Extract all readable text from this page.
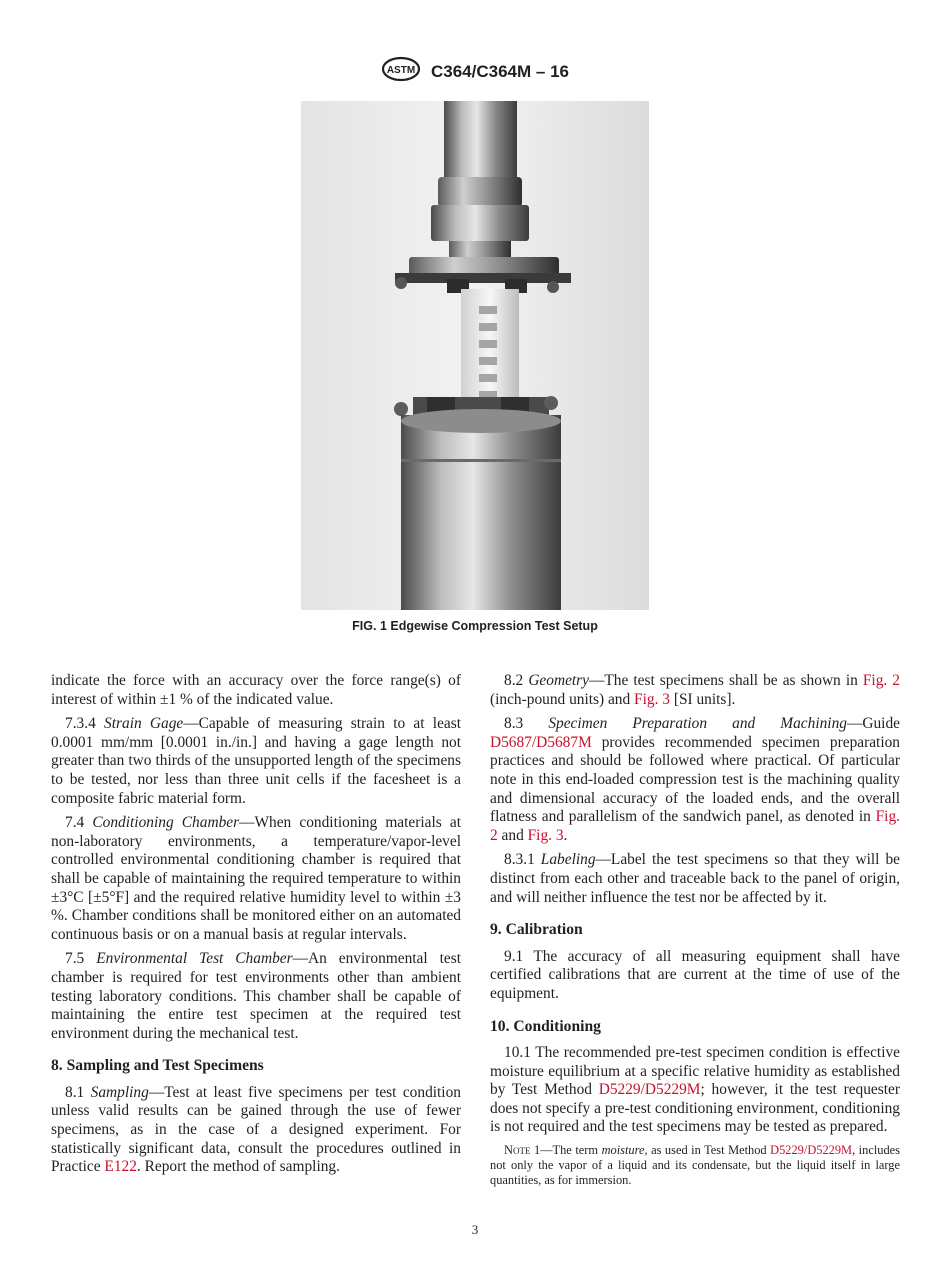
ASTM C364/C364M – 16
FIG. 1 Edgewise Compression Test Setup

indicate the force with an accuracy over the force range(s) of interest of within ±1 % of the indicated value.

7.3.4 Strain Gage—Capable of measuring strain to at least 0.0001 mm/mm [0.0001 in./in.] and having a gage length not greater than two thirds of the unsupported length of the specimens to be tested, nor less than three unit cells if the facesheet is a composite fabric material form.

7.4 Conditioning Chamber—When conditioning materials at non-laboratory environments, a temperature/vapor-level controlled environmental conditioning chamber is required that shall be capable of maintaining the required temperature to within ±3°C [±5°F] and the required relative humidity level to within ±3 %. Chamber conditions shall be monitored either on an automated continuous basis or on a manual basis at regular intervals.

7.5 Environmental Test Chamber—An environmental test chamber is required for test environments other than ambient testing laboratory conditions. This chamber shall be capable of maintaining the entire test specimen at the required test environment during the mechanical test.

8. Sampling and Test Specimens

8.1 Sampling—Test at least five specimens per test condition unless valid results can be gained through the use of fewer specimens, as in the case of a designed experiment. For statistically significant data, consult the procedures outlined in Practice E122. Report the method of sampling.

8.2 Geometry—The test specimens shall be as shown in Fig. 2 (inch-pound units) and Fig. 3 [SI units].

8.3 Specimen Preparation and Machining—Guide D5687/D5687M provides recommended specimen preparation practices and should be followed where practical. Of particular note in this end-loaded compression test is the machining quality and dimensional accuracy of the loaded ends, and the overall flatness and parallelism of the sandwich panel, as denoted in Fig. 2 and Fig. 3.

8.3.1 Labeling—Label the test specimens so that they will be distinct from each other and traceable back to the panel of origin, and will neither influence the test nor be affected by it.

9. Calibration

9.1 The accuracy of all measuring equipment shall have certified calibrations that are current at the time of use of the equipment.

10. Conditioning

10.1 The recommended pre-test specimen condition is effective moisture equilibrium at a specific relative humidity as established by Test Method D5229/D5229M; however, it the test requester does not specify a pre-test conditioning environment, conditioning is not required and the test specimens may be tested as prepared.

Note 1—The term moisture, as used in Test Method D5229/D5229M, includes not only the vapor of a liquid and its condensate, but the liquid itself in large quantities, as for immersion.
3
